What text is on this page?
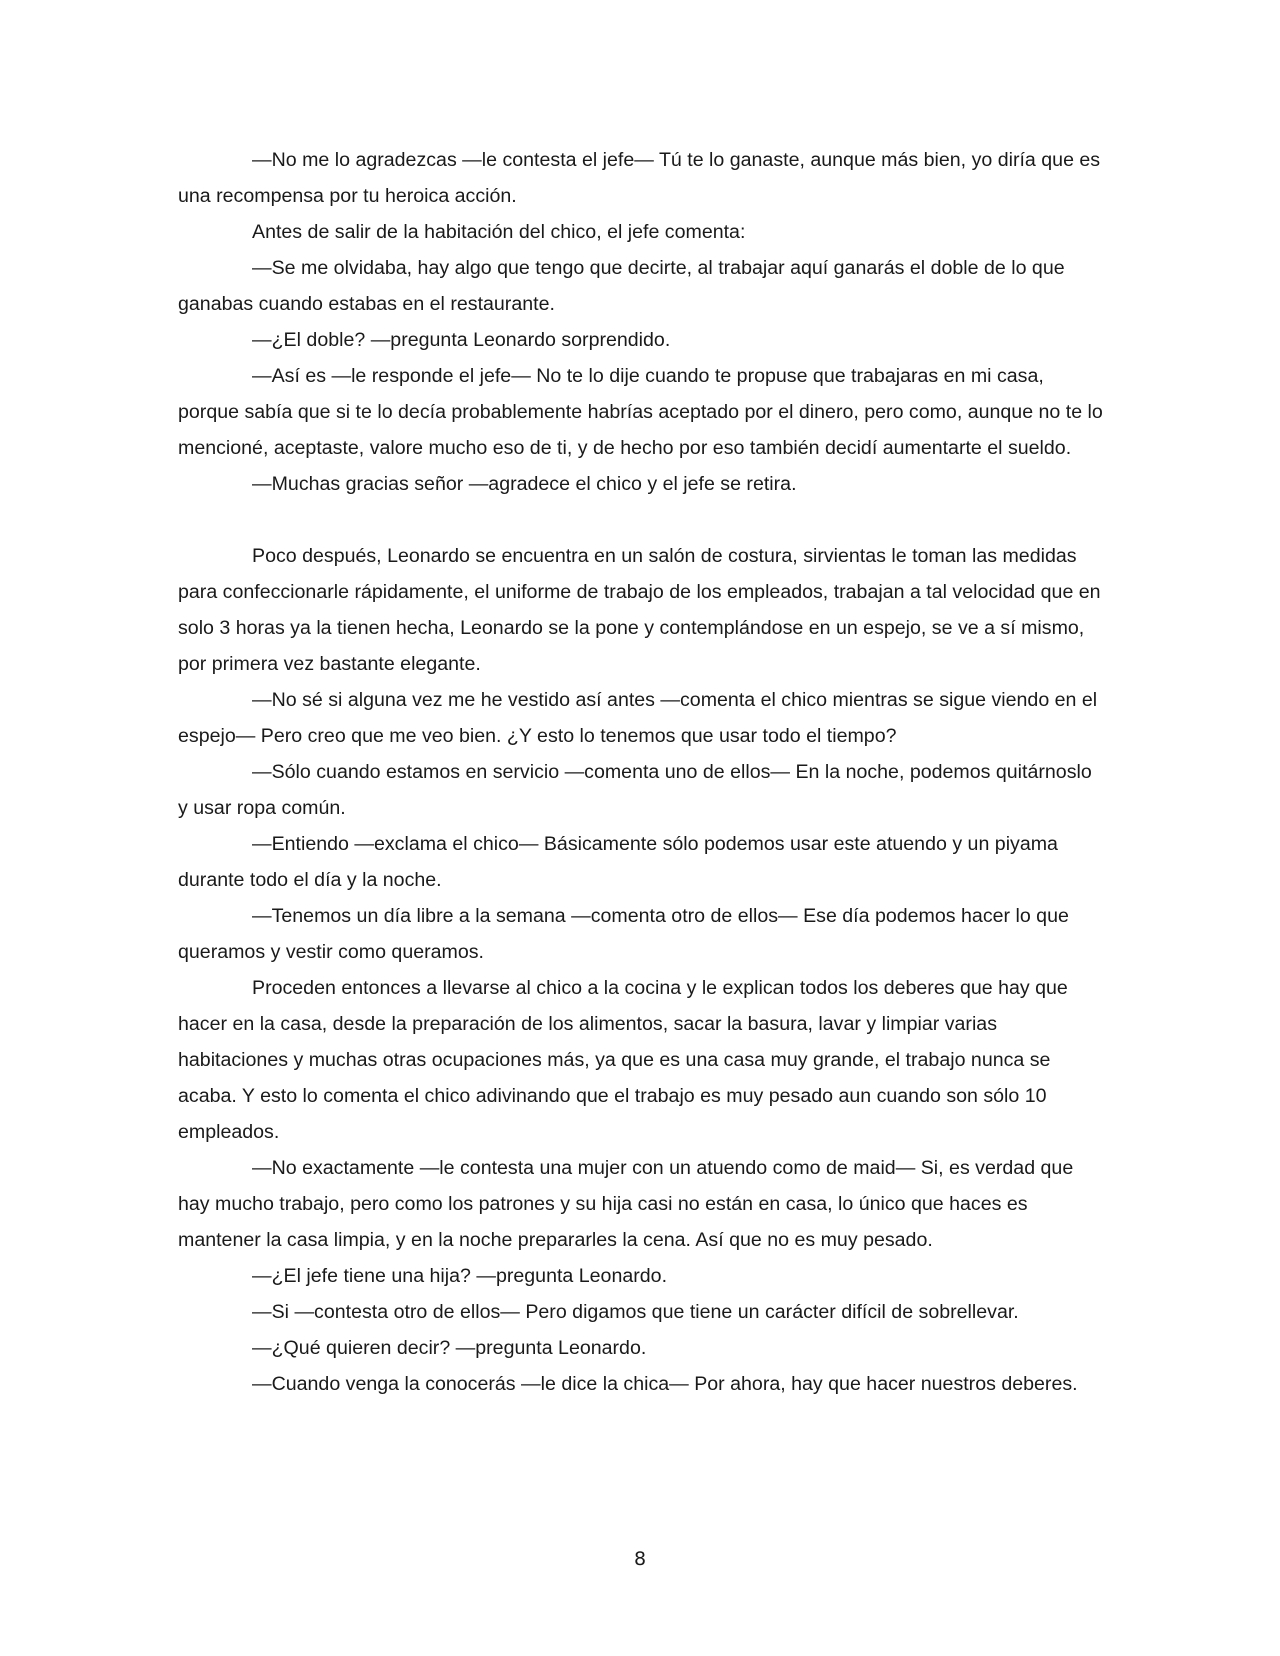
—No me lo agradezcas —le contesta el jefe— Tú te lo ganaste, aunque más bien, yo diría que es una recompensa por tu heroica acción.

Antes de salir de la habitación del chico, el jefe comenta:

—Se me olvidaba, hay algo que tengo que decirte, al trabajar aquí ganarás el doble de lo que ganabas cuando estabas en el restaurante.

—¿El doble? —pregunta Leonardo sorprendido.

—Así es —le responde el jefe— No te lo dije cuando te propuse que trabajaras en mi casa, porque sabía que si te lo decía probablemente habrías aceptado por el dinero, pero como, aunque no te lo mencioné, aceptaste, valore mucho eso de ti, y de hecho por eso también decidí aumentarte el sueldo.

—Muchas gracias señor —agradece el chico y el jefe se retira.

Poco después, Leonardo se encuentra en un salón de costura, sirvientas le toman las medidas para confeccionarle rápidamente, el uniforme de trabajo de los empleados, trabajan a tal velocidad que en solo 3 horas ya la tienen hecha, Leonardo se la pone y contemplándose en un espejo, se ve a sí mismo, por primera vez bastante elegante.

—No sé si alguna vez me he vestido así antes —comenta el chico mientras se sigue viendo en el espejo— Pero creo que me veo bien. ¿Y esto lo tenemos que usar todo el tiempo?

—Sólo cuando estamos en servicio —comenta uno de ellos— En la noche, podemos quitárnoslo y usar ropa común.

—Entiendo —exclama el chico— Básicamente sólo podemos usar este atuendo y un piyama durante todo el día y la noche.

—Tenemos un día libre a la semana —comenta otro de ellos— Ese día podemos hacer lo que queramos y vestir como queramos.

Proceden entonces a llevarse al chico a la cocina y le explican todos los deberes que hay que hacer en la casa, desde la preparación de los alimentos, sacar la basura, lavar y limpiar varias habitaciones y muchas otras ocupaciones más, ya que es una casa muy grande, el trabajo nunca se acaba. Y esto lo comenta el chico adivinando que el trabajo es muy pesado aun cuando son sólo 10 empleados.

—No exactamente —le contesta una mujer con un atuendo como de maid— Si, es verdad que hay mucho trabajo, pero como los patrones y su hija casi no están en casa, lo único que haces es mantener la casa limpia, y en la noche prepararles la cena. Así que no es muy pesado.

—¿El jefe tiene una hija? —pregunta Leonardo.

—Si —contesta otro de ellos— Pero digamos que tiene un carácter difícil de sobrellevar.

—¿Qué quieren decir? —pregunta Leonardo.

—Cuando venga la conocerás —le dice la chica— Por ahora, hay que hacer nuestros deberes.

8
